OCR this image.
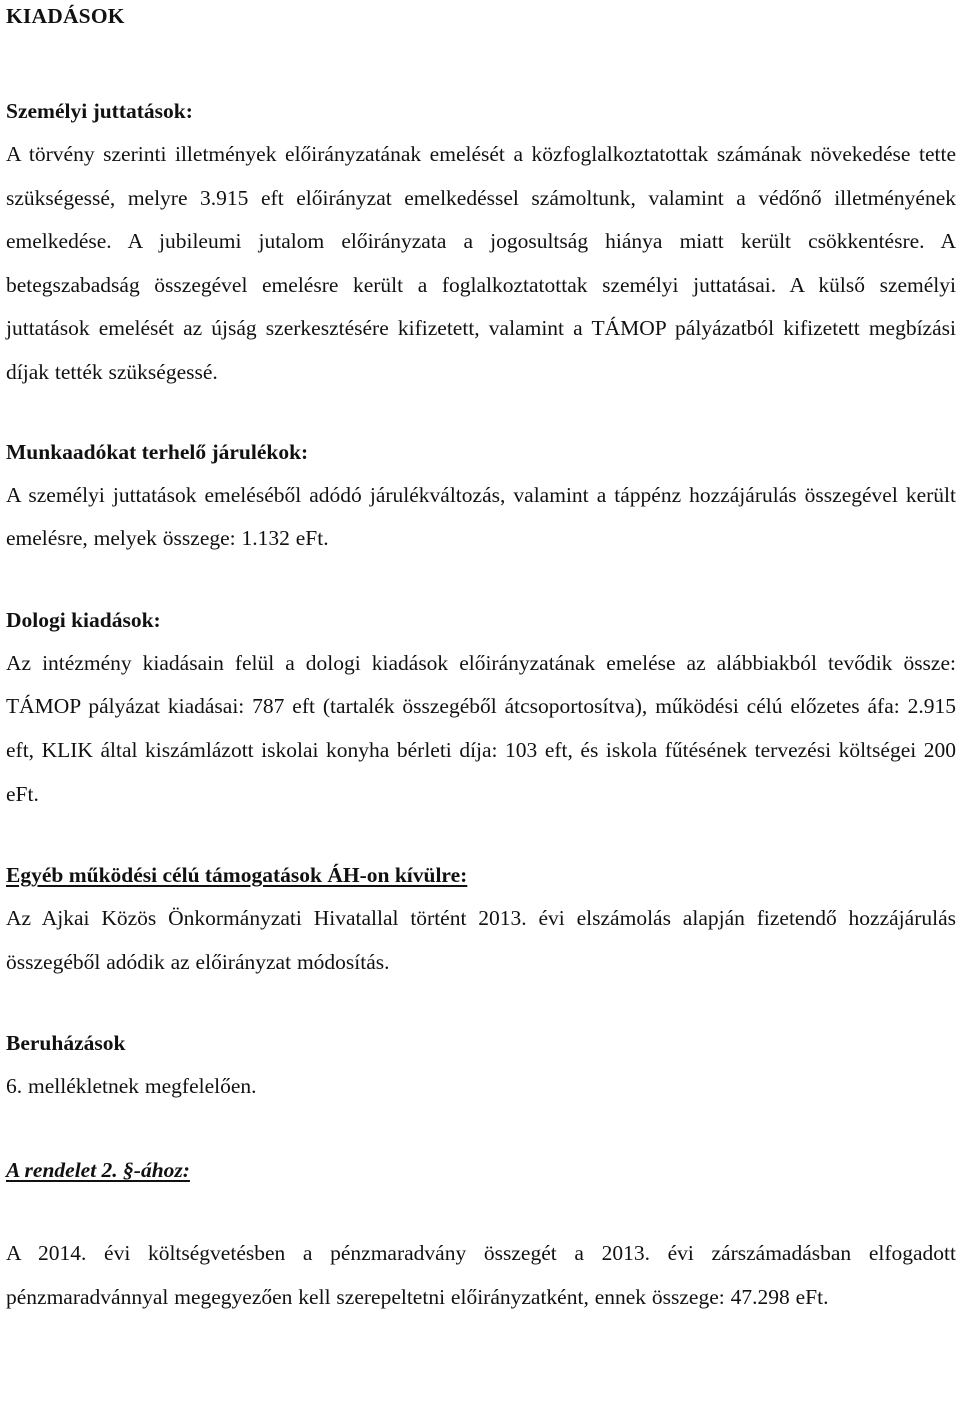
KIADÁSOK
Személyi juttatások:

A törvény szerinti illetmények előirányzatának emelését a közfoglalkoztatottak számának növekedése tette szükségessé, melyre 3.915 eft előirányzat emelkedéssel számoltunk, valamint a védőnő illetményének emelkedése. A jubileumi jutalom előirányzata a jogosultság hiánya miatt került csökkentésre. A betegszabadság összegével emelésre került a foglalkoztatottak személyi juttatásai. A külső személyi juttatások emelését az újság szerkesztésére kifizetett, valamint a TÁMOP pályázatból kifizetett megbízási díjak tették szükségessé.

Munkaadókat terhelő járulékok:

A személyi juttatások emeléséből adódó járulékváltozás, valamint a táppénz hozzájárulás összegével került emelésre, melyek összege: 1.132 eFt.

Dologi kiadások:

Az intézmény kiadásain felül a dologi kiadások előirányzatának emelése az alábbiakból tevődik össze: TÁMOP pályázat kiadásai: 787 eft (tartalék összegéből átcsoportosítva), működési célú előzetes áfa: 2.915 eft, KLIK által kiszámlázott iskolai konyha bérleti díja: 103 eft, és iskola fűtésének tervezési költségei 200 eFt.

Egyéb működési célú támogatások ÁH-on kívülre:

Az Ajkai Közös Önkormányzati Hivatallal történt 2013. évi elszámolás alapján fizetendő hozzájárulás összegéből adódik az előirányzat módosítás.

Beruházások

6. mellékletnek megfelelően.

A rendelet 2. §-ához:

A 2014. évi költségvetésben a pénzmaradvány összegét a 2013. évi zárszámadásban elfogadott pénzmaradvánnyal megegyezően kell szerepeltetni előirányzatként, ennek összege: 47.298 eFt.
